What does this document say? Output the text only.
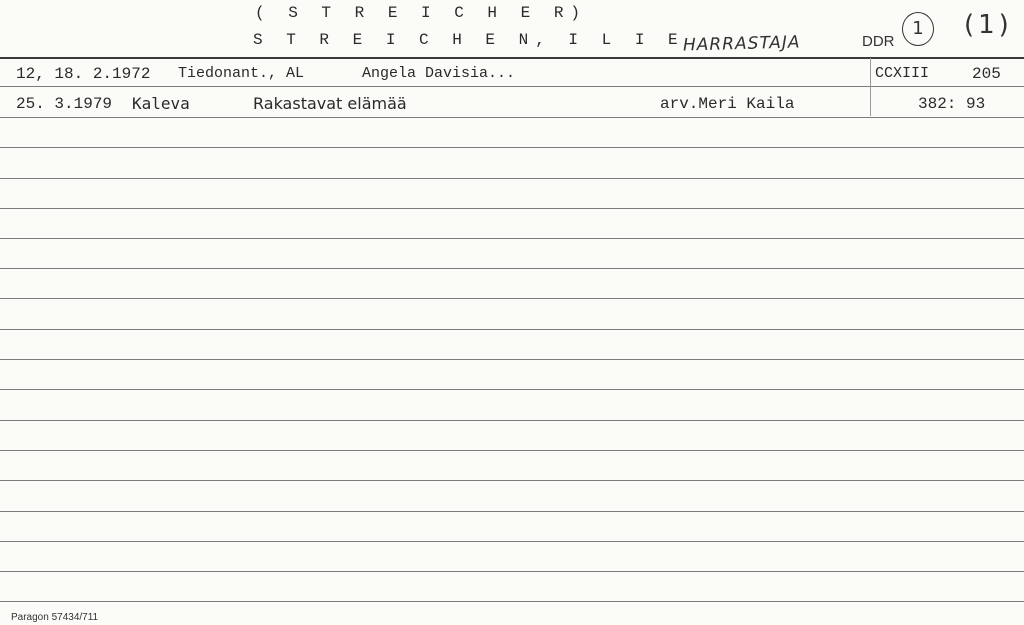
( S T R E I C H E R)
S T R E I C H E N, I L I E
HARRASTAJA	DDR
1	(1)
12, 18. 2.1972 Tiedonant., AL	Angela Davisia...	CCXIII	205
25. 3.1979 Kaleva	Rakastavat elämää	arv.Meri Kaila	382: 93
Paragon 57434/711
